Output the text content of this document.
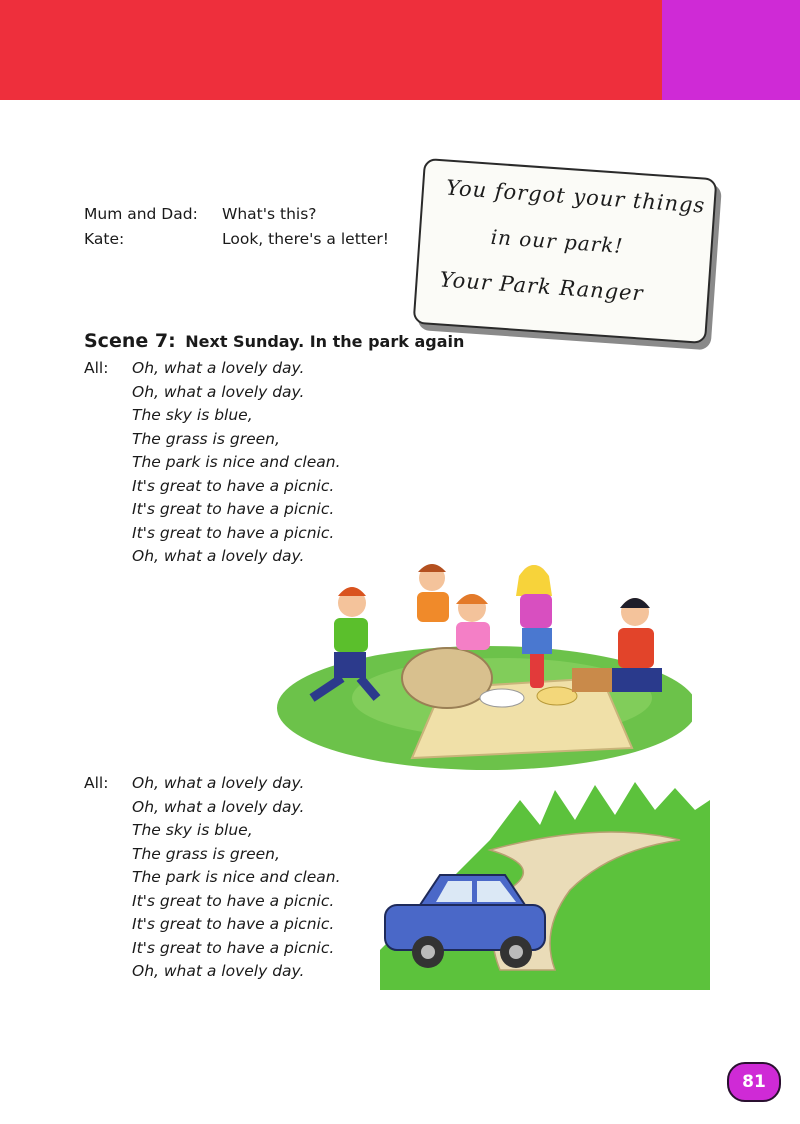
Mum and Dad:	What's this?
Kate:	Look, there's a letter!
You forgot your things
in our park!
Your Park Ranger
Scene 7: Next Sunday. In the park again
All: Oh, what a lovely day.
Oh, what a lovely day.
The sky is blue,
The grass is green,
The park is nice and clean.
It's great to have a picnic.
It's great to have a picnic.
It's great to have a picnic.
Oh, what a lovely day.
All: Oh, what a lovely day.
Oh, what a lovely day.
The sky is blue,
The grass is green,
The park is nice and clean.
It's great to have a picnic.
It's great to have a picnic.
It's great to have a picnic.
Oh, what a lovely day.
81
